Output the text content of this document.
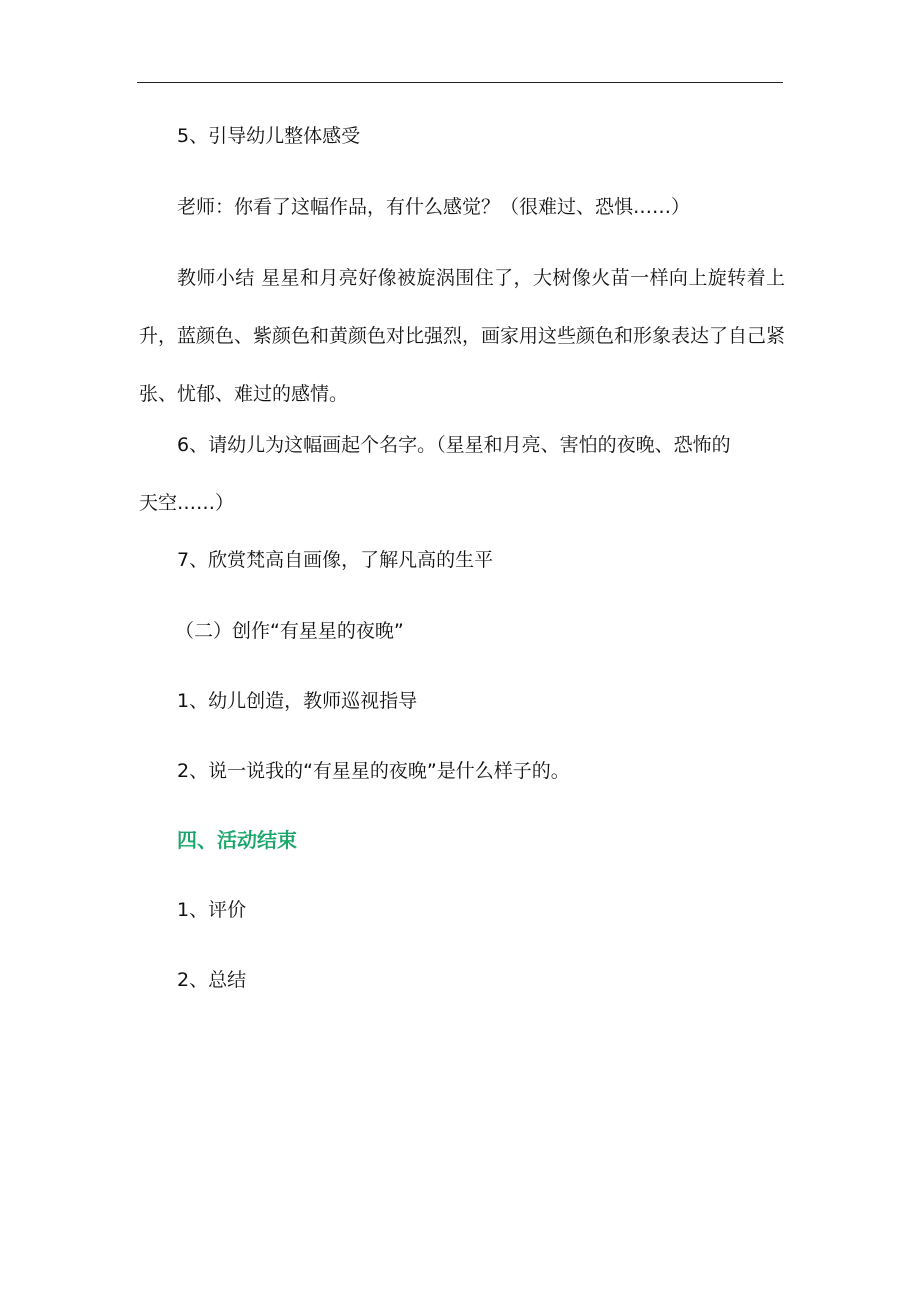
5、引导幼儿整体感受

老师：你看了这幅作品，有什么感觉？（很难过、恐惧……）

教师小结 星星和月亮好像被旋涡围住了，大树像火苗一样向上旋转着上升，蓝颜色、紫颜色和黄颜色对比强烈，画家用这些颜色和形象表达了自己紧张、忧郁、难过的感情。

6、请幼儿为这幅画起个名字。（星星和月亮、害怕的夜晚、恐怖的天空……）

7、欣赏梵高自画像，了解凡高的生平

（二）创作“有星星的夜晚”

1、幼儿创造，教师巡视指导

2、说一说我的“有星星的夜晚”是什么样子的。

四、活动结束

1、评价

2、总结
